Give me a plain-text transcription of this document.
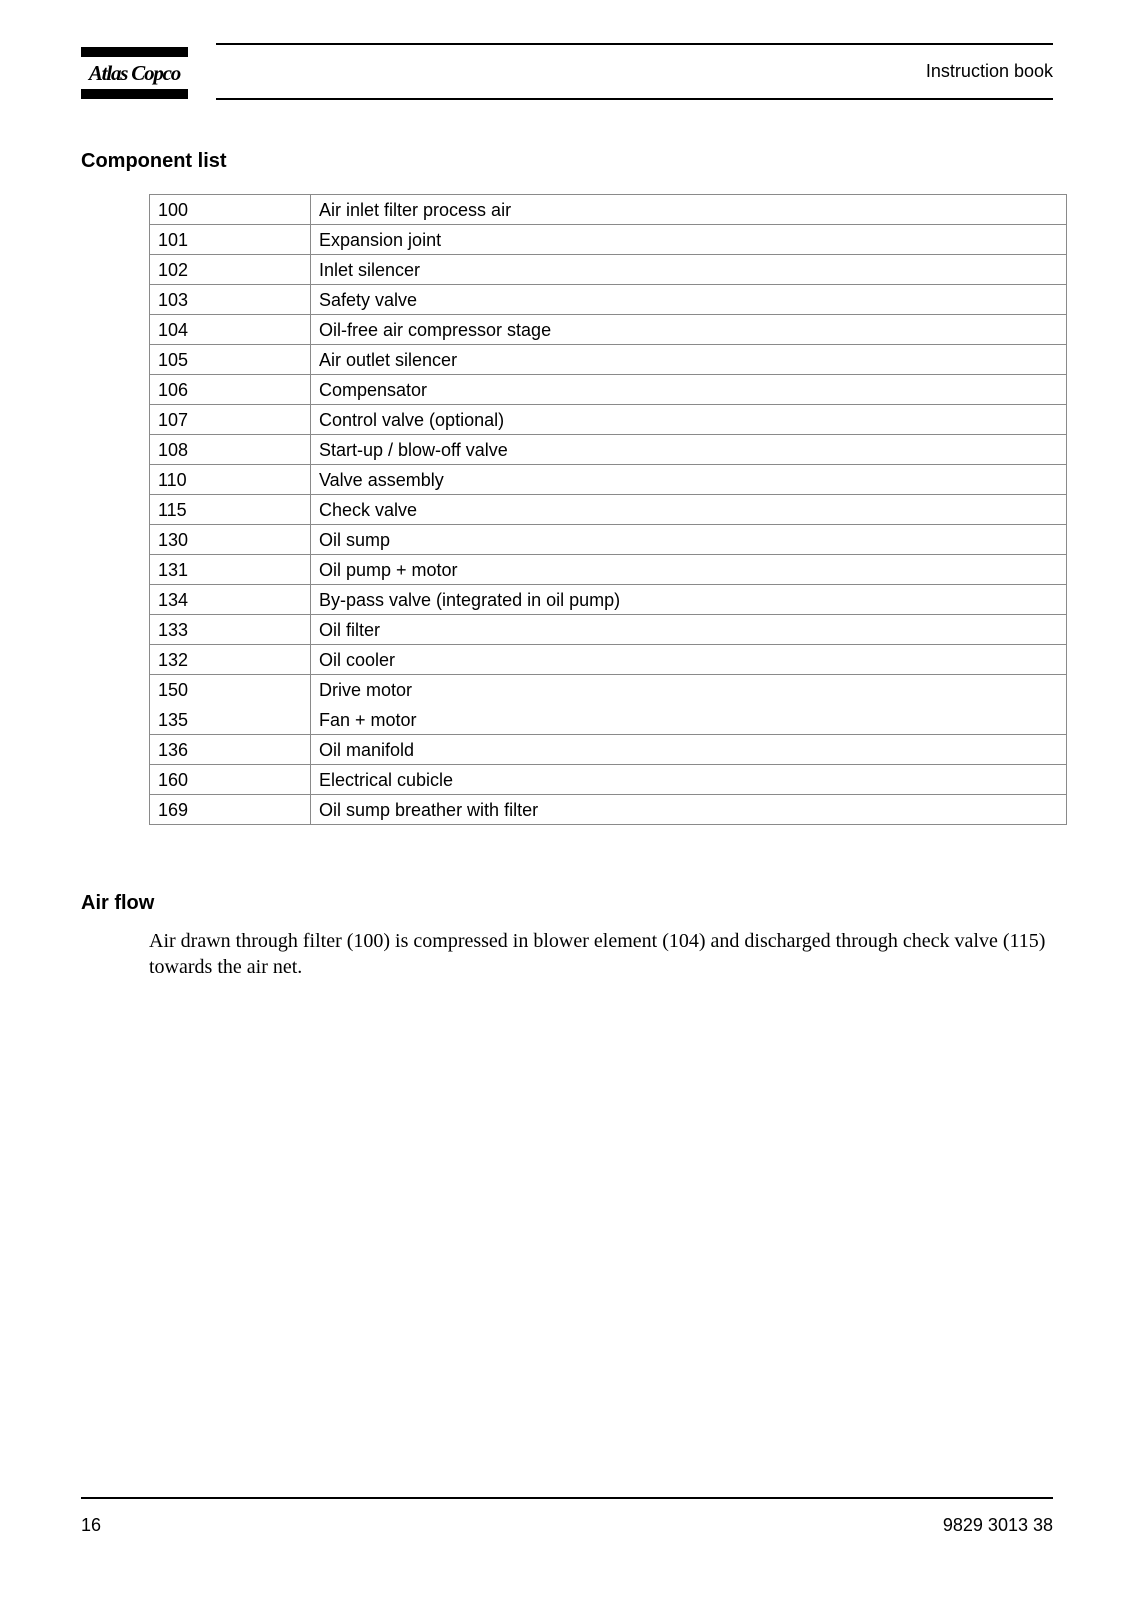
Atlas Copco	Instruction book
Component list
100	Air inlet filter process air
101	Expansion joint
102	Inlet silencer
103	Safety valve
104	Oil-free air compressor stage
105	Air outlet silencer
106	Compensator
107	Control valve (optional)
108	Start-up / blow-off valve
110	Valve assembly
115	Check valve
130	Oil sump
131	Oil pump + motor
134	By-pass valve (integrated in oil pump)
133	Oil filter
132	Oil cooler
150	Drive motor
135	Fan + motor
136	Oil manifold
160	Electrical cubicle
169	Oil sump breather with filter
Air flow
Air drawn through filter (100) is compressed in blower element (104) and discharged through check valve (115) towards the air net.
16	9829 3013 38
